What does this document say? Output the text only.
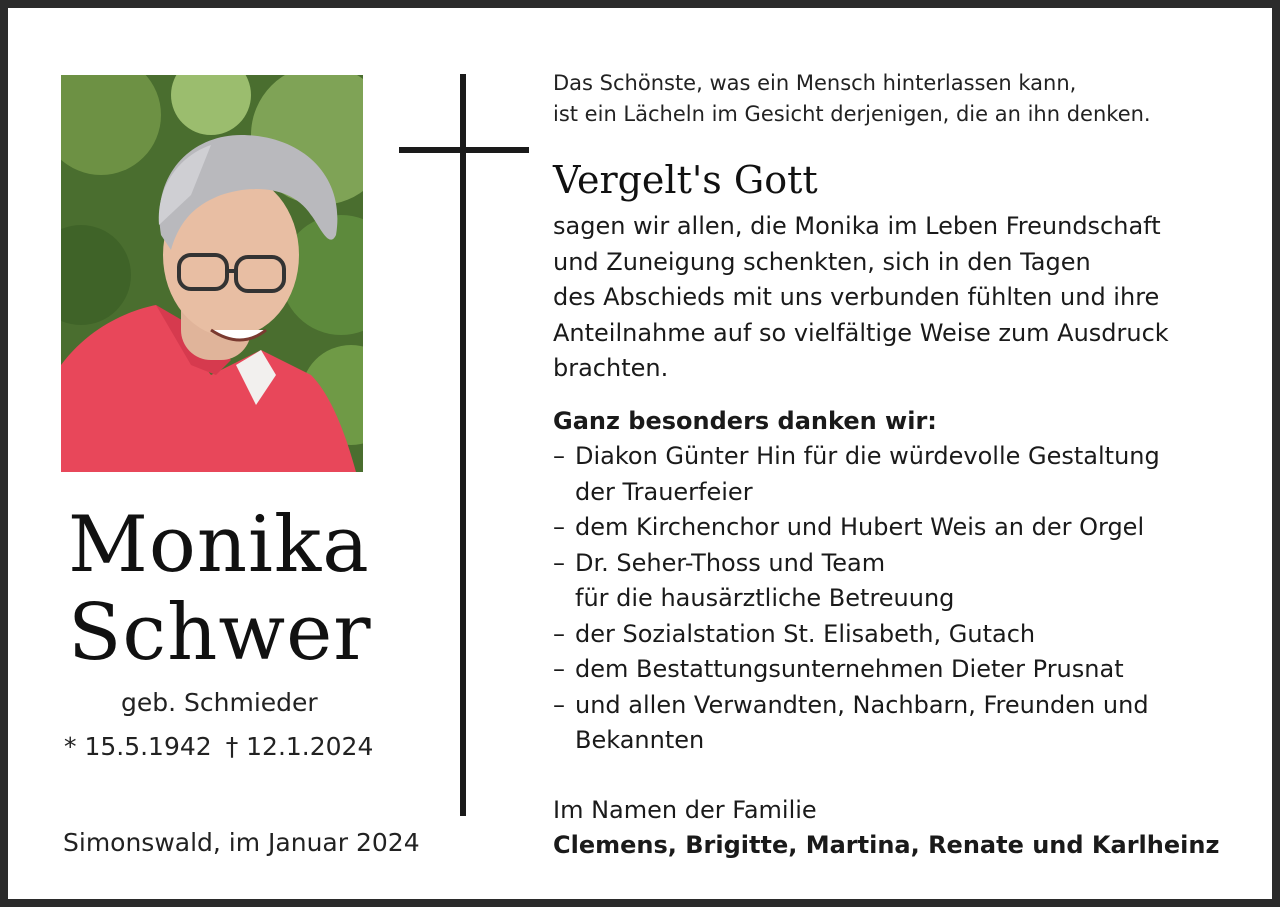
Monika
Schwer
geb. Schmieder
* 15.5.1942 † 12.1.2024
Simonswald, im Januar 2024
Das Schönste, was ein Mensch hinterlassen kann,
ist ein Lächeln im Gesicht derjenigen, die an ihn denken.
Vergelt's Gott
sagen wir allen, die Monika im Leben Freundschaft
und Zuneigung schenkten, sich in den Tagen
des Abschieds mit uns verbunden fühlten und ihre
Anteilnahme auf so vielfältige Weise zum Ausdruck
brachten.
Ganz besonders danken wir:
– Diakon Günter Hin für die würdevolle Gestaltung
der Trauerfeier
– dem Kirchenchor und Hubert Weis an der Orgel
– Dr. Seher-Thoss und Team
für die hausärztliche Betreuung
– der Sozialstation St. Elisabeth, Gutach
– dem Bestattungsunternehmen Dieter Prusnat
– und allen Verwandten, Nachbarn, Freunden und
Bekannten
Im Namen der Familie
Clemens, Brigitte, Martina, Renate und Karlheinz
